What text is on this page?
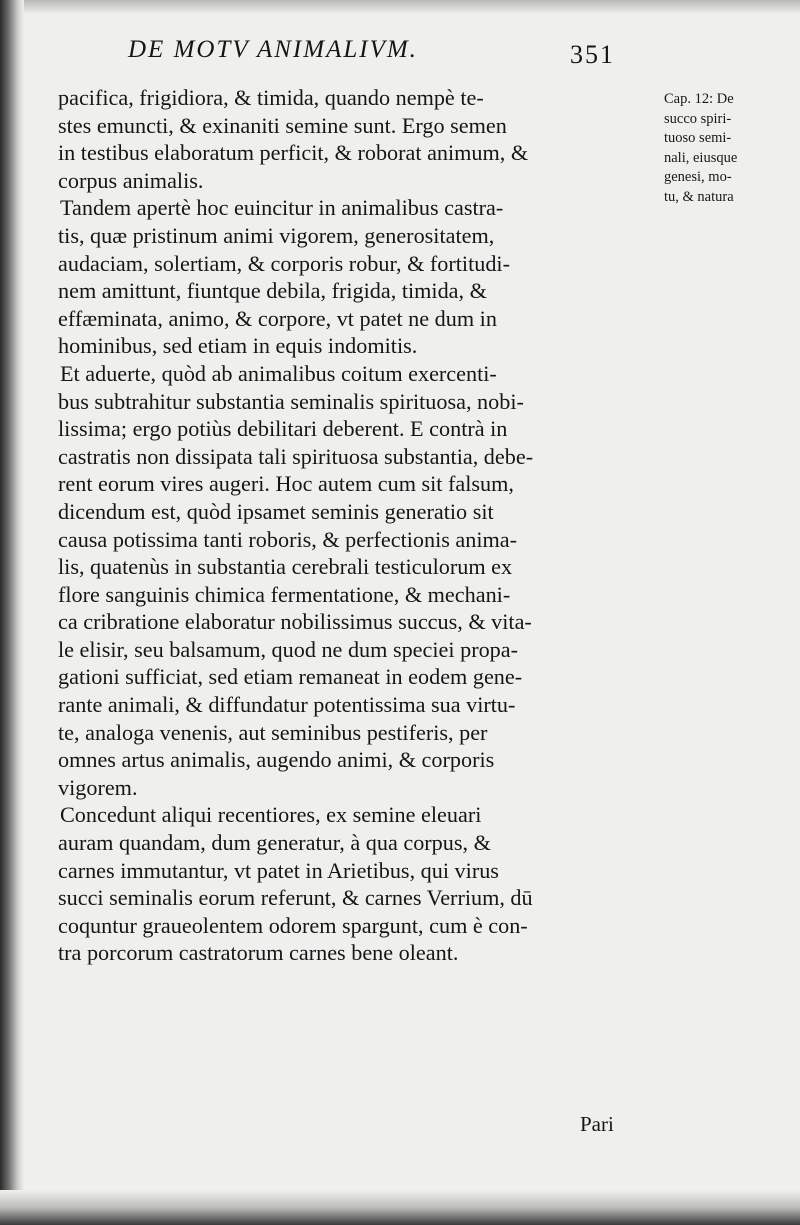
DE MOTV ANIMALIVM.	351
Cap. 12: De
succo spiri-
tuoso semi-
nali, eiusque
genesi, mo-
tu, & natura
pacifica, frigidiora, & timida, quando nempè te-
stes emuncti, & exinaniti semine sunt. Ergo semen
in testibus elaboratum perficit, & roborat animum, &
corpus animalis.
Tandem apertè hoc euincitur in animalibus castra-
tis, quæ pristinum animi vigorem, generositatem,
audaciam, solertiam, & corporis robur, & fortitudi-
nem amittunt, fiuntque debila, frigida, timida, &
effæminata, animo, & corpore, vt patet ne dum in
hominibus, sed etiam in equis indomitis.
Et aduerte, quòd ab animalibus coitum exercenti-
bus subtrahitur substantia seminalis spirituosa, nobi-
lissima; ergo potiùs debilitari deberent. E contrà in
castratis non dissipata tali spirituosa substantia, debe-
rent eorum vires augeri. Hoc autem cum sit falsum,
dicendum est, quòd ipsamet seminis generatio sit
causa potissima tanti roboris, & perfectionis anima-
lis, quatenùs in substantia cerebrali testiculorum ex
flore sanguinis chimica fermentatione, & mechani-
ca cribratione elaboratur nobilissimus succus, & vita-
le elisir, seu balsamum, quod ne dum speciei propa-
gationi sufficiat, sed etiam remaneat in eodem gene-
rante animali, & diffundatur potentissima sua virtu-
te, analoga venenis, aut seminibus pestiferis, per
omnes artus animalis, augendo animi, & corporis
vigorem.
Concedunt aliqui recentiores, ex semine eleuari
auram quandam, dum generatur, à qua corpus, &
carnes immutantur, vt patet in Arietibus, qui virus
succi seminalis eorum referunt, & carnes Verrium, dū
coquntur graueolentem odorem spargunt, cum è con-
tra porcorum castratorum carnes bene oleant.
Pari
